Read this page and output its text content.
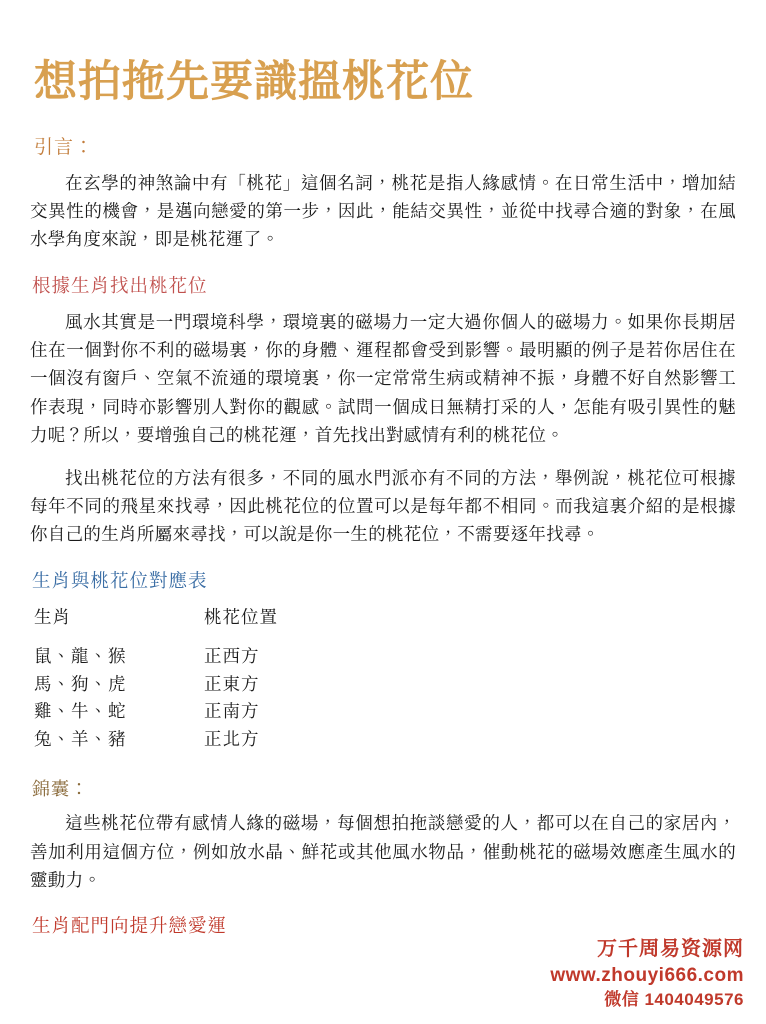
想拍拖先要識搵桃花位
引言：

在玄學的神煞論中有「桃花」這個名詞，桃花是指人緣感情。在日常生活中，增加結交異性的機會，是邁向戀愛的第一步，因此，能結交異性，並從中找尋合適的對象，在風水學角度來說，即是桃花運了。

根據生肖找出桃花位

風水其實是一門環境科學，環境裏的磁場力一定大過你個人的磁場力。如果你長期居住在一個對你不利的磁場裏，你的身體、運程都會受到影響。最明顯的例子是若你居住在一個沒有窗戶、空氣不流通的環境裏，你一定常常生病或精神不振，身體不好自然影響工作表現，同時亦影響別人對你的觀感。試問一個成日無精打采的人，怎能有吸引異性的魅力呢？所以，要增強自己的桃花運，首先找出對感情有利的桃花位。

找出桃花位的方法有很多，不同的風水門派亦有不同的方法，舉例說，桃花位可根據每年不同的飛星來找尋，因此桃花位的位置可以是每年都不相同。而我這裏介紹的是根據你自己的生肖所屬來尋找，可以說是你一生的桃花位，不需要逐年找尋。

生肖與桃花位對應表
生肖	桃花位置
鼠、龍、猴	正西方
馬、狗、虎	正東方
雞、牛、蛇	正南方
兔、羊、豬	正北方
錦囊：

這些桃花位帶有感情人緣的磁場，每個想拍拖談戀愛的人，都可以在自己的家居內，善加利用這個方位，例如放水晶、鮮花或其他風水物品，催動桃花的磁場效應產生風水的靈動力。

生肖配門向提升戀愛運
万千周易资源网
www.zhouyi666.com
微信 1404049576
